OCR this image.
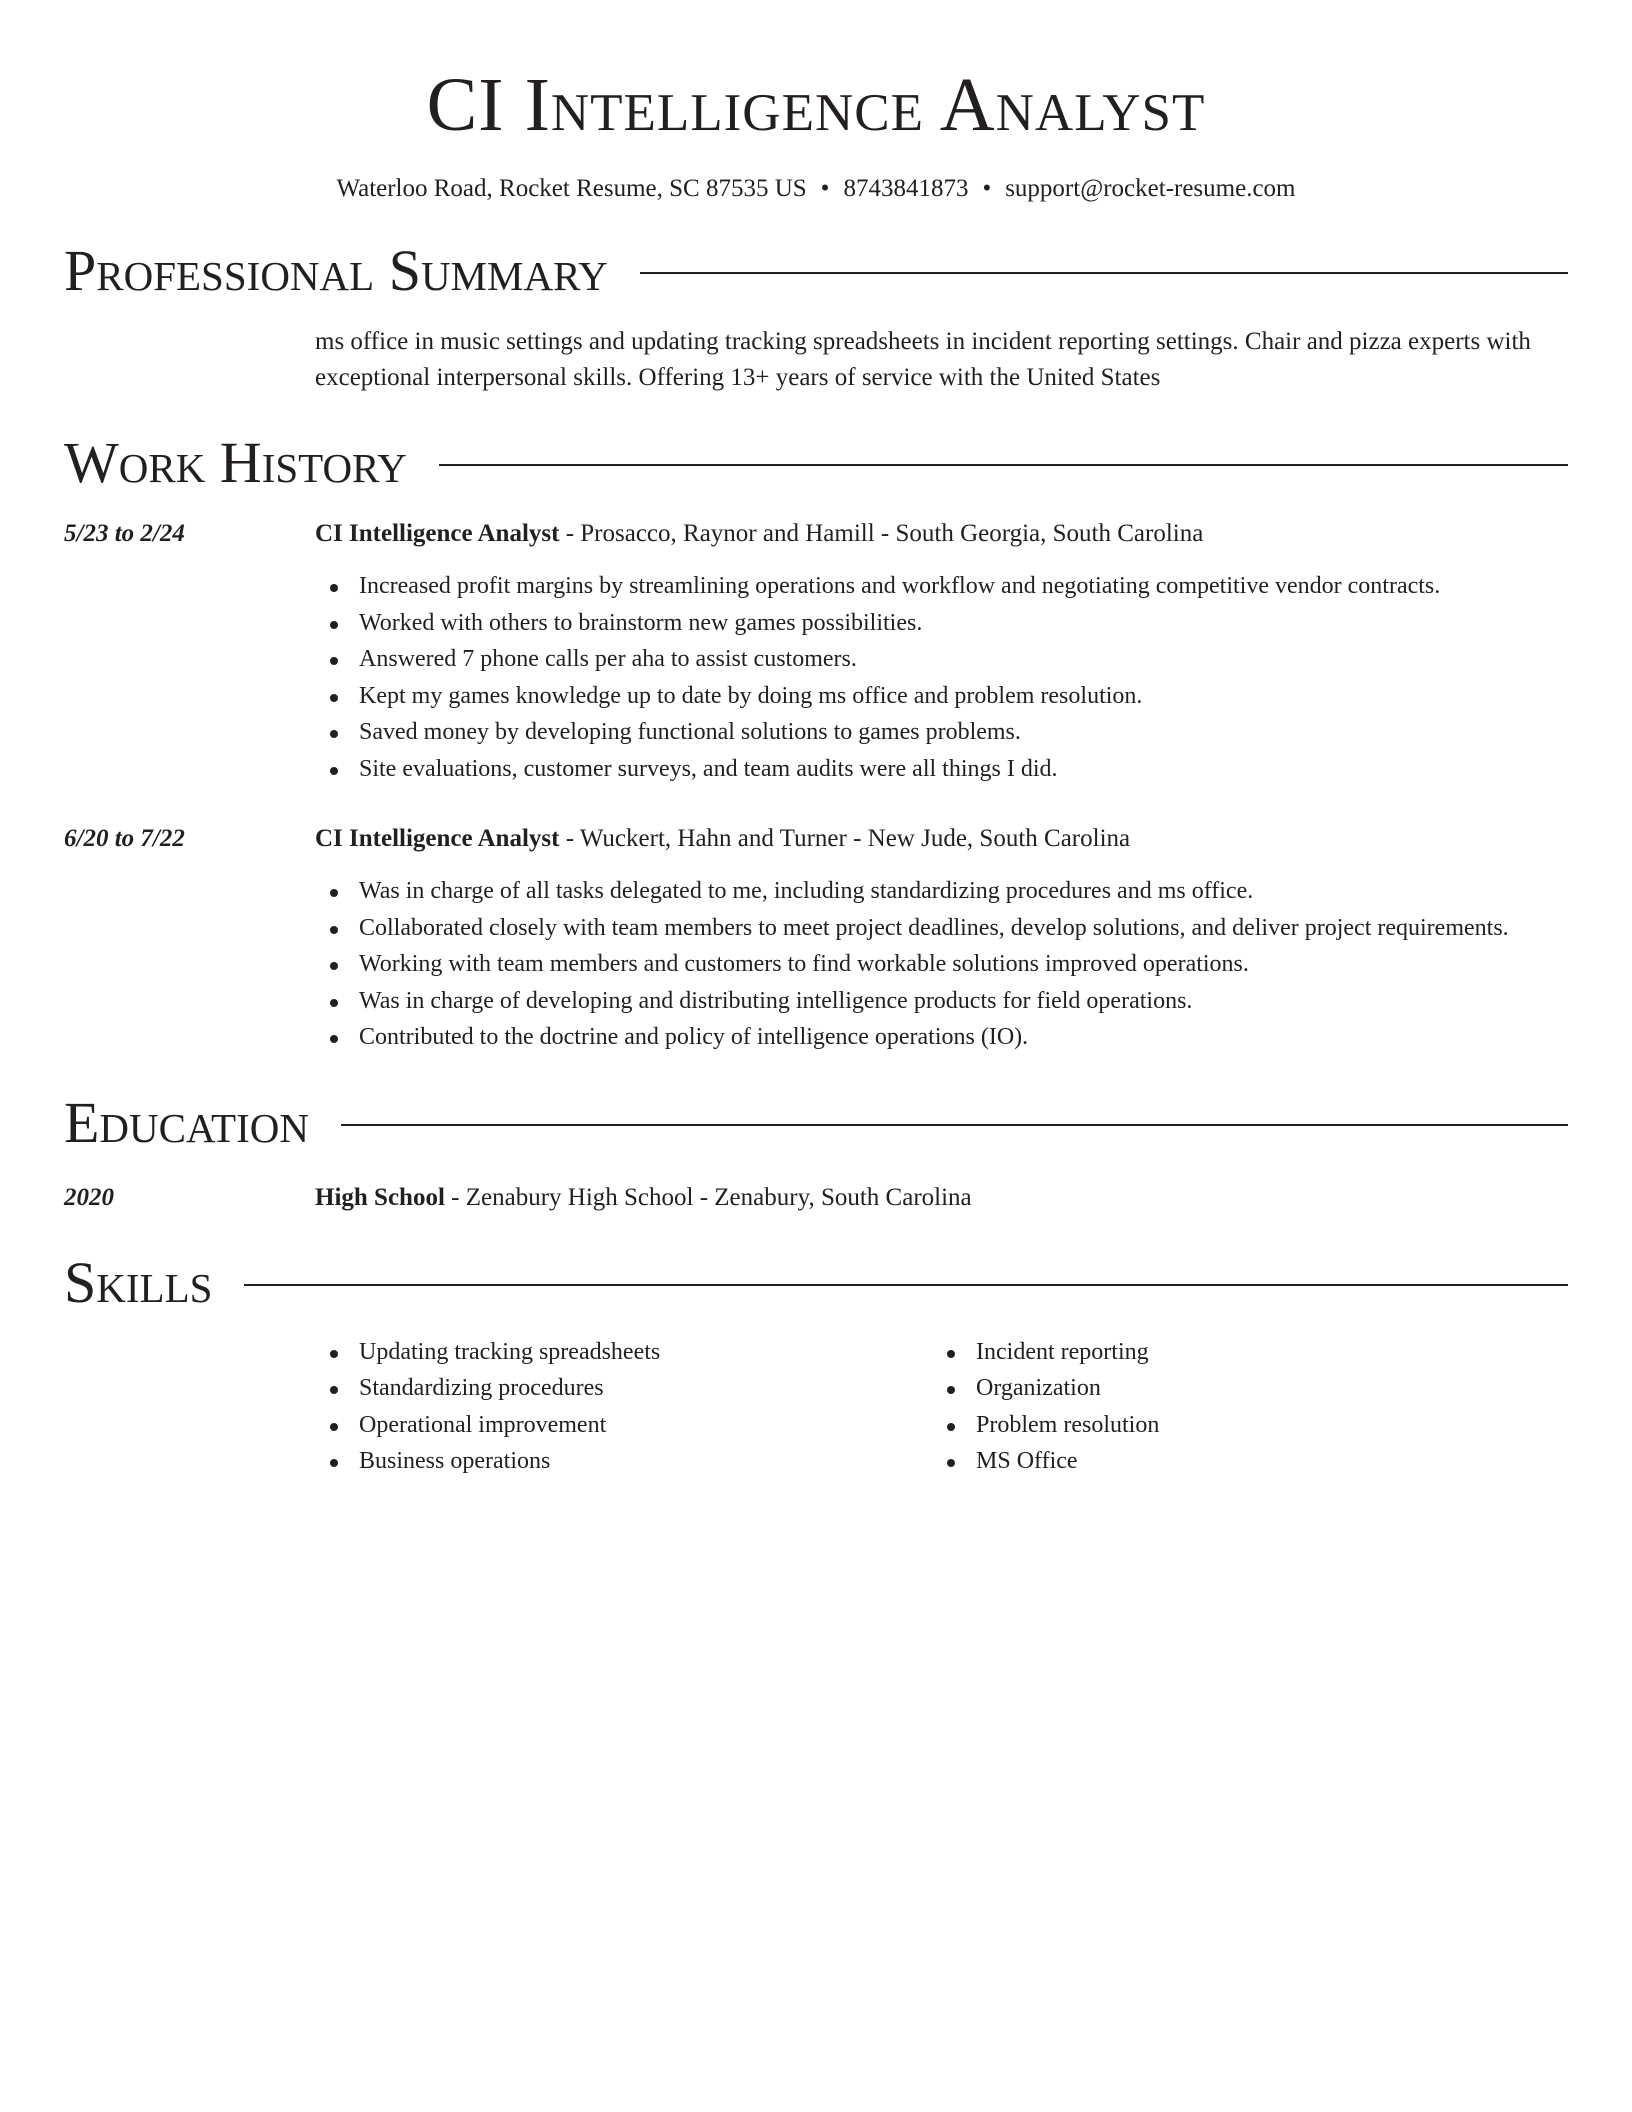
CI Intelligence Analyst
Waterloo Road, Rocket Resume, SC 87535 US • 8743841873 • support@rocket-resume.com
Professional Summary
ms office in music settings and updating tracking spreadsheets in incident reporting settings. Chair and pizza experts with exceptional interpersonal skills. Offering 13+ years of service with the United States
Work History
5/23 to 2/24	CI Intelligence Analyst - Prosacco, Raynor and Hamill - South Georgia, South Carolina
Increased profit margins by streamlining operations and workflow and negotiating competitive vendor contracts.
Worked with others to brainstorm new games possibilities.
Answered 7 phone calls per aha to assist customers.
Kept my games knowledge up to date by doing ms office and problem resolution.
Saved money by developing functional solutions to games problems.
Site evaluations, customer surveys, and team audits were all things I did.
6/20 to 7/22	CI Intelligence Analyst - Wuckert, Hahn and Turner - New Jude, South Carolina
Was in charge of all tasks delegated to me, including standardizing procedures and ms office.
Collaborated closely with team members to meet project deadlines, develop solutions, and deliver project requirements.
Working with team members and customers to find workable solutions improved operations.
Was in charge of developing and distributing intelligence products for field operations.
Contributed to the doctrine and policy of intelligence operations (IO).
Education
2020	High School - Zenabury High School - Zenabury, South Carolina
Skills
Updating tracking spreadsheets
Standardizing procedures
Operational improvement
Business operations
Incident reporting
Organization
Problem resolution
MS Office
